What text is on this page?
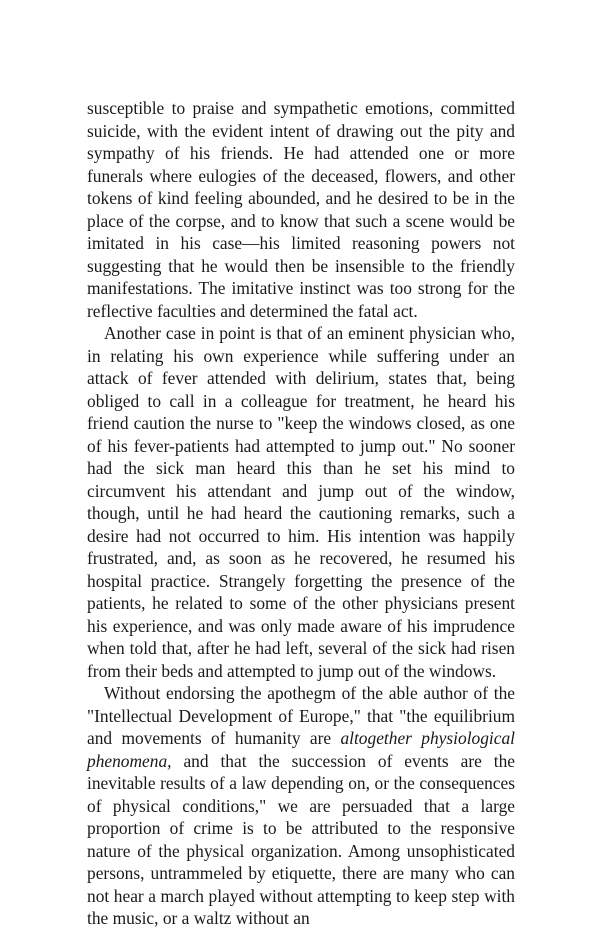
susceptible to praise and sympathetic emotions, committed suicide, with the evident intent of drawing out the pity and sympathy of his friends. He had attended one or more funerals where eulogies of the deceased, flowers, and other tokens of kind feeling abounded, and he desired to be in the place of the corpse, and to know that such a scene would be imitated in his case—his limited reasoning powers not suggesting that he would then be insensible to the friendly manifestations. The imitative instinct was too strong for the reflective faculties and determined the fatal act.

Another case in point is that of an eminent physician who, in relating his own experience while suffering under an attack of fever attended with delirium, states that, being obliged to call in a colleague for treatment, he heard his friend caution the nurse to "keep the windows closed, as one of his fever-patients had attempted to jump out." No sooner had the sick man heard this than he set his mind to circumvent his attendant and jump out of the window, though, until he had heard the cautioning remarks, such a desire had not occurred to him. His intention was happily frustrated, and, as soon as he recovered, he resumed his hospital practice. Strangely forgetting the presence of the patients, he related to some of the other physicians present his experience, and was only made aware of his imprudence when told that, after he had left, several of the sick had risen from their beds and attempted to jump out of the windows.

Without endorsing the apothegm of the able author of the "Intellectual Development of Europe," that "the equilibrium and movements of humanity are altogether physiological phenomena, and that the succession of events are the inevitable results of a law depending on, or the consequences of physical conditions," we are persuaded that a large proportion of crime is to be attributed to the responsive nature of the physical organization. Among unsophisticated persons, untrammeled by etiquette, there are many who can not hear a march played without attempting to keep step with the music, or a waltz without an
